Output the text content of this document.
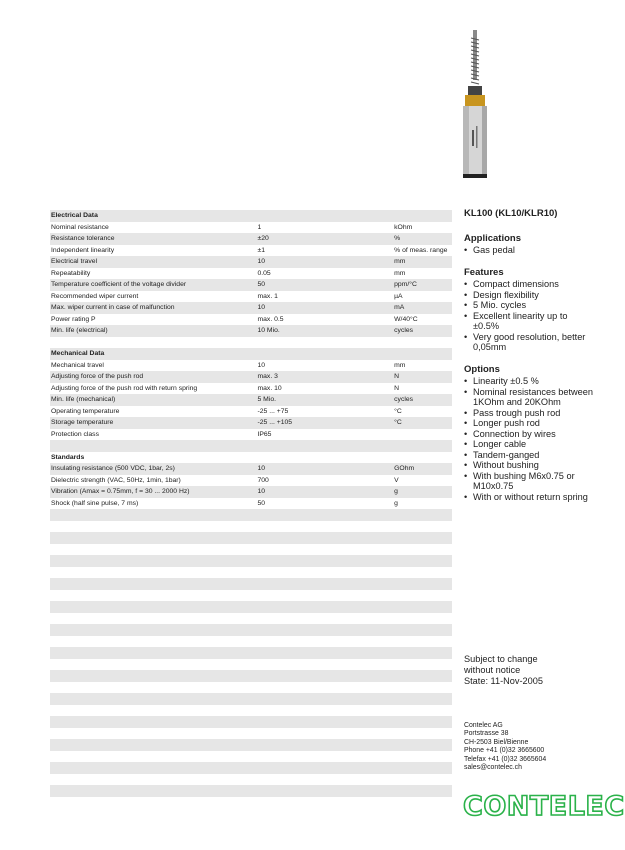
Electrical Data
Nominal resistance	1	kOhm
Resistance tolerance	±20	%
Independent linearity	±1	% of meas. range
Electrical travel	10	mm
Repeatability	0.05	mm
Temperature coefficient of the voltage divider	50	ppm/°C
Recommended wiper current	max. 1	µA
Max. wiper current in case of malfunction	10	mA
Power rating P	max. 0.5	W/40°C
Min. life (electrical)	10 Mio.	cycles
Mechanical Data
Mechanical travel	10	mm
Adjusting force of the push rod	max. 3	N
Adjusting force of the push rod with return spring	max. 10	N
Min. life (mechanical)	5 Mio.	cycles
Operating temperature	-25 ... +75	°C
Storage temperature	-25 ... +105	°C
Protection class	IP65
Standards
Insulating resistance (500 VDC, 1bar, 2s)	10	GOhm
Dielectric strength (VAC, 50Hz, 1min, 1bar)	700	V
Vibration (Amax = 0.75mm, f = 30 ... 2000 Hz)	10	g
Shock (half sine pulse, 7 ms)	50	g
KL100 (KL10/KLR10)
Applications
• Gas pedal
Features
• Compact dimensions
• Design flexibility
• 5 Mio. cycles
• Excellent linearity up to ±0.5%
• Very good resolution, better 0,05mm
Options
• Linearity ±0.5 %
• Nominal resistances between 1KOhm and 20KOhm
• Pass trough push rod
• Longer push rod
• Connection by wires
• Longer cable
• Tandem-ganged
• Without bushing
• With bushing M6x0.75 or M10x0.75
• With or without return spring
Subject to change
without notice
State: 11-Nov-2005
Contelec AG
Portstrasse 38
CH-2503 Biel/Bienne
Phone +41 (0)32 3665600
Telefax +41 (0)32 3665604
sales@contelec.ch
CONTELEC
